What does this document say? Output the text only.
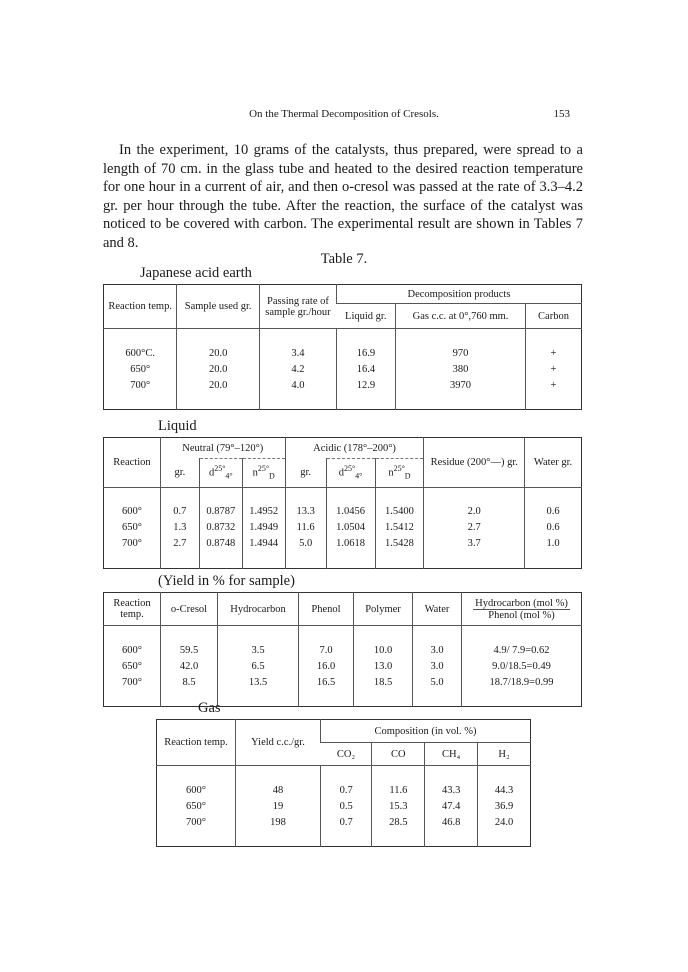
On the Thermal Decomposition of Cresols.	153

In the experiment, 10 grams of the catalysts, thus prepared, were spread to a length of 70 cm. in the glass tube and heated to the desired reaction temperature for one hour in a current of air, and then o-cresol was passed at the rate of 3.3–4.2 gr. per hour through the tube. After the reaction, the surface of the catalyst was noticed to be covered with carbon. The experimental result are shown in Tables 7 and 8.

Table 7.
Japanese acid earth
Reaction temp.	Sample used gr.	Passing rate of sample gr./hour	Decomposition products		
			Liquid gr.	Gas c.c. at 0°,760 mm.	Carbon

600°C.	20.0	3.4	16.9	970	+
650°	20.0	4.2	16.4	380	+
700°	20.0	4.0	12.9	3970	+

Liquid
Reaction	Neutral (79°–120°)			Acidic (178°–200°)			Residue (200°—) gr.	Water gr.
	gr.	$d^{25^\circ}_{4^\circ}$	$n^{25^\circ}_D$	gr.	$d^{25^\circ}_{4^\circ}$	$n^{25^\circ}_D$

600°	0.7	0.8787	1.4952	13.3	1.0456	1.5400	2.0	0.6
650°	1.3	0.8732	1.4949	11.6	1.0504	1.5412	2.7	0.6
700°	2.7	0.8748	1.4944	5.0	1.0618	1.5428	3.7	1.0

(Yield in % for sample)
Reaction temp.	o-Cresol	Hydrocarbon	Phenol	Polymer	Water	Hydrocarbon (mol %)
Phenol (mol %)

600°	59.5	3.5	7.0	10.0	3.0	4.9/ 7.9=0.62
650°	42.0	6.5	16.0	13.0	3.0	9.0/18.5=0.49
700°	8.5	13.5	16.5	18.5	5.0	18.7/18.9=0.99

Gas
Reaction temp.	Yield c.c./gr.	Composition (in vol. %)			
		CO₂	CO	CH₄	H₂

600°	48	0.7	11.6	43.3	44.3
650°	19	0.5	15.3	47.4	36.9
700°	198	0.7	28.5	46.8	24.0
